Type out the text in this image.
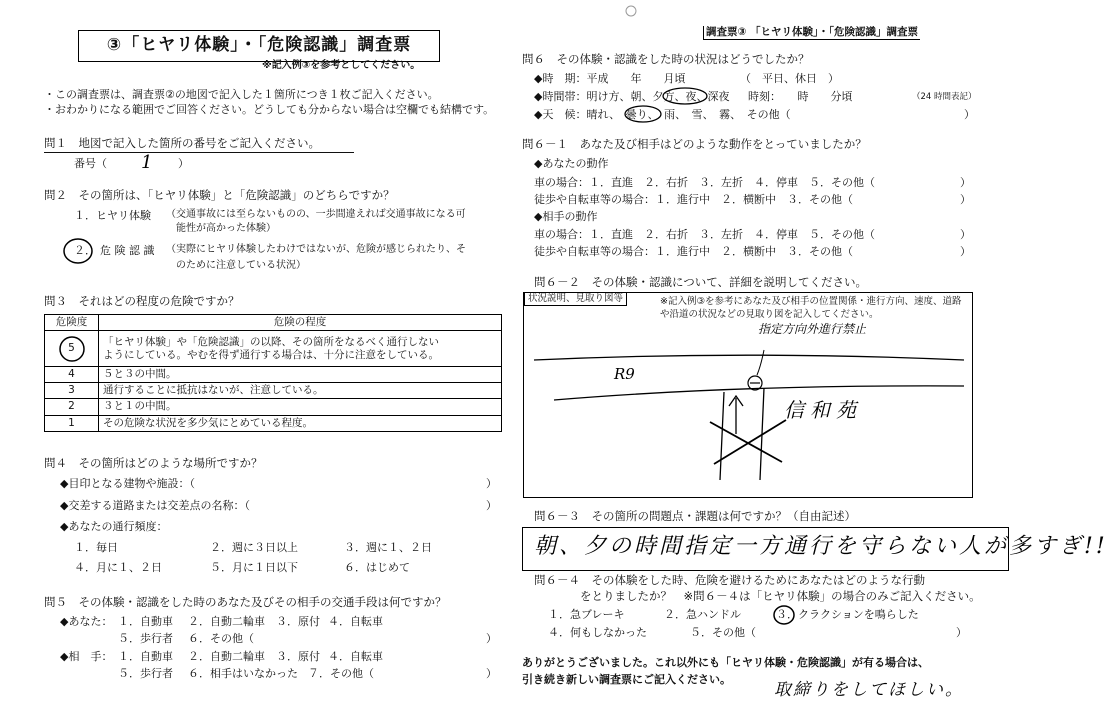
③「ヒヤリ体験」・「危険認識」調査票
※記入例③を参考としてください。
調査票③ 「ヒヤリ体験」・「危険認識」調査票
・この調査票は、調査票②の地図で記入した１箇所につき１枚ご記入ください。
・おわかりになる範囲でご回答ください。どうしても分からない場合は空欄でも結構です。
問１　地図で記入した箇所の番号をご記入ください。
番号（ 1 ）
問２　その箇所は、「ヒヤリ体験」と「危険認識」のどちらですか？
１．ヒヤリ体験 （交通事故には至らないものの、一歩間違えれば交通事故になる可
能性が高かった体験）
２． 危 険 認 識 （実際にヒヤリ体験したわけではないが、危険が感じられたり、そ
のために注意している状況）
問３　それはどの程度の危険ですか？
危険度	危険の程度

5	「ヒヤリ体験」や「危険認識」の以降、その箇所をなるべく通行しない
ようにしている。やむを得ず通行する場合は、十分に注意をしている。

4	５と３の中間。
3	通行することに抵抗はないが、注意している。
2	３と１の中間。
1	その危険な状況を多少気にとめている程度。
問４　その箇所はどのような場所ですか？
◆目印となる建物や施設：（	）
◆交差する道路または交差点の名称：（	）
◆あなたの通行頻度：
１．毎日	２．週に３日以上	３．週に１、２日
４．月に１、２日	５．月に１日以下	６．はじめて
問５　その体験・認識をした時のあなた及びその相手の交通手段は何ですか？
◆あなた： １．自動車 ２．自動二輪車 ３．原付 ４．自転車
５．歩行者 ６．その他（	）
◆相　手： １．自動車 ２．自動二輪車 ３．原付 ４．自転車
５．歩行者 ６．相手はいなかった ７．その他（	）
問６　その体験・認識をした時の状況はどうでしたか？
◆時　期：平成　　年　　月頃	（　平日、休日　）
◆時間帯：明け方、朝、夕方、夜、深夜 時刻：　　時　　分頃	（24 時間表記）
◆天　候：晴れ、　曇り、　雨、　雪、　霧、　その他（	）
問６－１　あなた及び相手はどのような動作をとっていましたか？
◆あなたの動作
車の場合：１．直進　２．右折　３．左折　４．停車　５．その他（	）
徒歩や自転車等の場合：１．進行中　２．横断中　３．その他（	）
◆相手の動作
車の場合：１．直進　２．右折　３．左折　４．停車　５．その他（	）
徒歩や自転車等の場合：１．進行中　２．横断中　３．その他（	）
問６－２　その体験・認識について、詳細を説明してください。
状況説明、見取り図等	※記入例③を参考にあなた及び相手の位置関係・進行方向、速度、道路や沿道の状況などの見取り図を記入してください。
R9
指定方向外進行禁止
信和苑
問６－３　その箇所の問題点・課題は何ですか？（自由記述）
朝、夕の時間指定一方通行を守らない人が多すぎ!!
問６－４　その体験をした時、危険を避けるためにあなたはどのような行動
をとりましたか？　※問６－４は「ヒヤリ体験」の場合のみご記入ください。
１．急ブレーキ	２．急ハンドル	３．クラクションを鳴らした
４．何もしなかった	５．その他（	）
ありがとうございました。これ以外にも「ヒヤリ体験・危険認識」が有る場合は、
引き続き新しい調査票にご記入ください。
取締りをしてほしい。
